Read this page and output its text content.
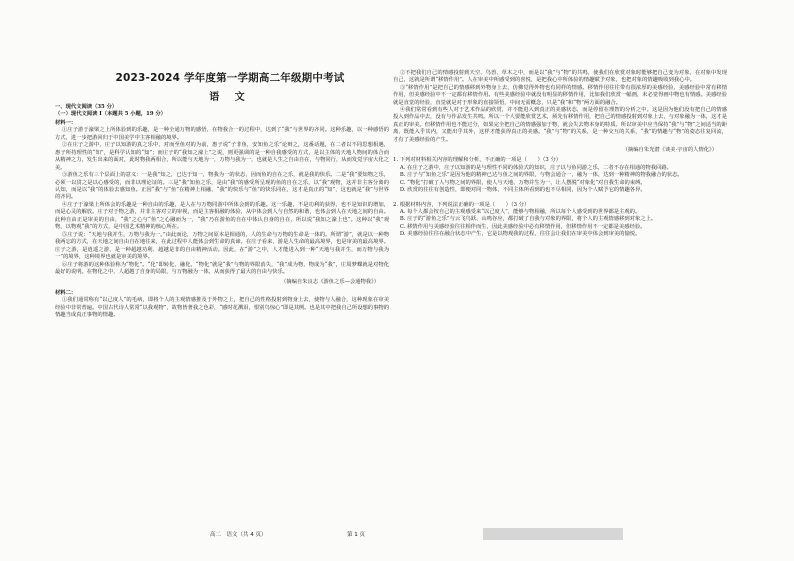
2023-2024 学年度第一学期高二年级期中考试
语 文
一、现代文阅读（35 分）
（一）现代文阅读 I（本题共 5 小题，19 分）
材料一：

①庄子游于濠梁之上所体验到的乐趣，是一种全通万物的感悟，在物我合一的过程中，达到了“我”与世界的齐同。这种乐趣，以一种感悟的方式，进一步把游回归于中国美学中主客相融的境界。

②在庄子之游中，庄子以知游的真之乐中，对而至鱼对的为前，惠子说“子非鱼，安知鱼之乐”论辩之，这番话题，在二者以不同思想相遇，惠子所持理性的“知”，是科学认知的“知”；而庄子的“我知之濠上”之说，则更强调的是一种自我感受的方式，是以主体的天地人物间的体合而从精神之力，发生出来的面对，此时物我两相合，所以能与天地为一，万物与我为一，也就是人生之自由自在，与物同行，从而发觉宇宙大化之美。

③游鱼之乐有三个层面上的意义：一是我”知之，已达于知一，物我为一的状态，因而鱼的自在之乐，就是我的快乐。二是“我”要知物之乐，必须一以贯之是以心感受的，而非以理论证的。三是“我”知鱼之乐，是由“我”的感受所呈现的鱼的自在之乐，以“我”观物，这并非主客分离的认知，而是以“我”的体验去感知鱼。正因“我”与“鱼”在精神上相融，“我”的快乐与“鱼”的快乐同在，这才是真正的“知”，这也就是“我”与世界的齐同。

④庄子于濠梁上所体会的乐趣是一种自由的乐趣，是人在与万物同游中所体会到的乐趣。这一乐趣，不是功利的获得，也不是知识的增加，而是心灵的解放。庄子对于物之游，并非主客对立的审视，而是主客相融的体验，从中体会到人与自然的和谐，也体会到人在天地之间的自由。此种自由正是审美的自由，“我”之心与“鱼”之心融而为一，“我”乃在游鱼的自在中体认自身的自在，所以说“我知之濠上也”。这种以“我”观物，以物观“我”的方式，是中国艺术精神的核心所在。

⑤庄子说：“天地与我并生，万物与我为一。”由此而论，万物之间原本是相通的，人的生命与万物的生命是一体的。所谓“游”，就是以一种物我两忘的方式，在天地之间自由自在地往来，在此过程中人能体会到生命的真谛。在庄子看来，游是人生命的最高境界，也是审美的最高境界。庄子之游，是逍遥之游，是一种超越功利、超越是非的自由精神活动。因此，在“游”之中，人才能进入到一种“天地与我并生，而万物与我为一”的境界，这种境界也就是审美的境界。

⑥庄子将游的这种体验称为“物化”。“化”即转化、融化，“物化”就是“我”与物的界限消失，“我”成为物，物成为“我”，庄周梦蝶就是对物化最好的说明。在物化之中，人超越了自身的局限，与万物融为一体，从而获得了最大的自由与快乐。

（摘编自朱良志《游鱼之乐—会通物我》）
材料二：

①我们通常称有“以己度人”的毛病，即将个人的主观情感推及于外物之上，把自己的性格投射到物身上去，使物与人融合，这种现象在审美经验中非常普遍。中国古代诗人常常“以我观物”，故物皆著我之色彩，“感时花溅泪，恨别鸟惊心”即是其例。也是其中把我自己所设想的事物的情趣当成真正事物的情趣。

②不把我们自己的情感投射到天空、鸟兽、草木之中，而是以“我”与“物”的共鸣，使我们在欣赏对象时能够把自己变为对象，在对象中发现自己，这就是所谓“移情作用”。人在审美中所感受到的喜悦，是把我心中所体验的情趣赋予对象，也把对象的情趣吸收到我心中。

③“移情作用”是把自己的情感移到外物身上去，仿佛觉得外物也有同样的情感。移情作用往往带有很浓厚的美感经验，美感经验中常有移情作用，但美感经验中不一定都有移情作用。有些美感经验中就没有明显的移情作用，比如我们欣赏一幅画，未必觉得画中物也有情感。美感经验就是直觉的经验，直觉就是对于形象的直接领悟，中间无需概念，只是“我”和“物”两方面的融合。

④我们常常看到有些人对于艺术作品的欣赏，并不能进入到真正的美感状态，而是停留在理智的分析之中。这是因为他们没有把自己的情感投入到作品中去，没有与作品发生共鸣。所以一个人要能欣赏艺术，须先有移情作用，把自己的情感投射到对象上去，与对象融为一体，这才是真正的审美。但移情作用也不能过分，如果完全把自己的情感强加于物，就会失去物本身的特质。所以审美中应当保持“我”与“物”之间适当的距离，既能入乎其内，又能出乎其外，这样才能获得真正的美感。“我”与“物”的关系，是一种交互的关系，“我”的情趣与“物”的姿态往复回流，才有了美感经验的产生。

（摘编自朱光潜《谈美·宇宙的人情化》）
1. 下列对材料相关内容的理解和分析，不正确的一项是（　　）（3 分）
A. 在庄子之游中，庄子以知游的是与理性不同的体验式的知识，庄子以与鱼同游之乐，二者不存在相通的物我回路。
B. 庄子与“知鱼之乐”是因为他的精神已达与鱼之间的界限，与物会通合一，融为一体，达到一种精神的物我融合的状态。
C. “物化”打破了人与物之间的界限，使人与天地、万物并生为一，让人摆脱“对象化”对自我生命的束缚。
D. 欣赏的往往有创造性，即便对同一物体，不同主体所看到的也不尽相同，因为个人赋予它的情趣各异。
2. 根据材料内容，下列说法正确的一项是（　　）（3 分）
A. 每个人都会按自己的主观感受来“以己度人”，能够与物相融，所以每个人感受到的世界都是主观的。
B. 庄子的“游鱼之乐”与云飞鸟跃、山鸣谷应，都打破了自我与对象的界限，将个人的主观情感移到对象之上。
C. 移情作用与美感经验往往相伴而生，因此美感经验中必有移情作用，但移情作用不一定都是美感经验。
D. 美感经验往往在融合状态中产生，它是以物观我的过程，往往会让我们在审美中体会到审美的愉悦。
高二　语文（共 4 页）	第 1 页
